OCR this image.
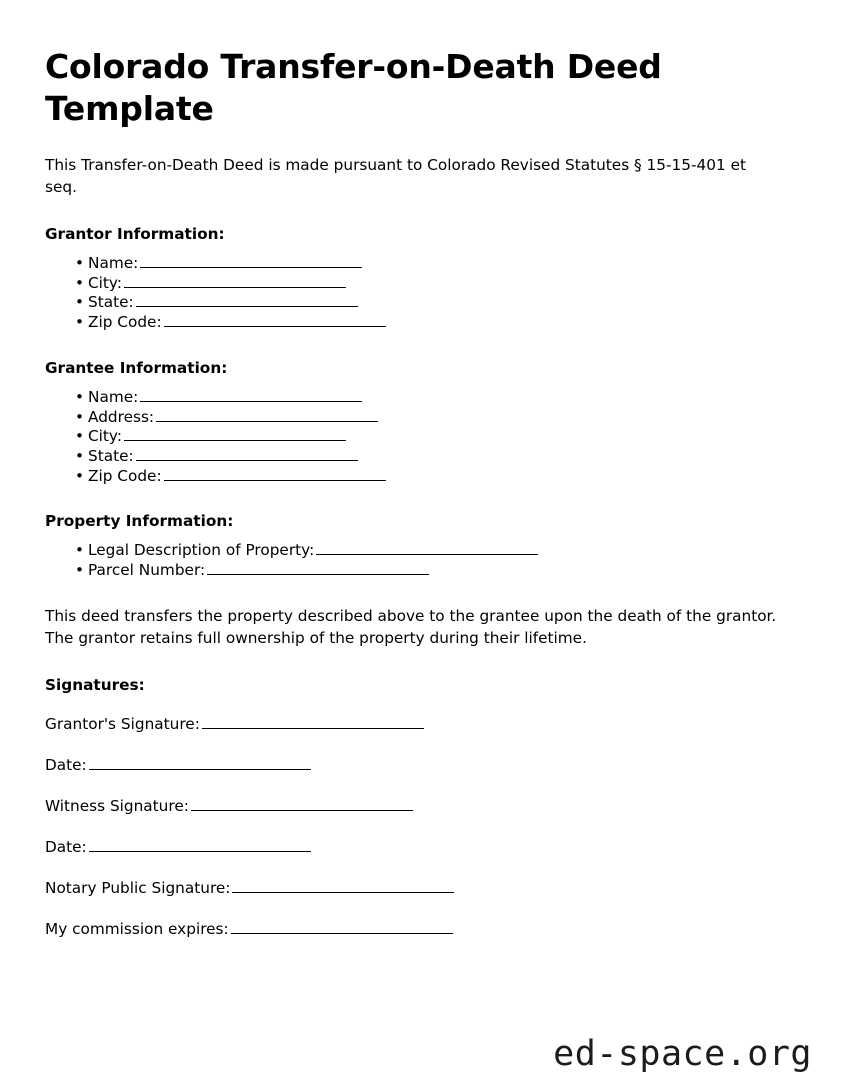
Colorado Transfer-on-Death Deed Template

This Transfer-on-Death Deed is made pursuant to Colorado Revised Statutes § 15-15-401 et seq.

Grantor Information:
• Name:
• City:
• State:
• Zip Code:
Grantee Information:
• Name:
• Address:
• City:
• State:
• Zip Code:
Property Information:
• Legal Description of Property:
• Parcel Number:

This deed transfers the property described above to the grantee upon the death of the grantor. The grantor retains full ownership of the property during their lifetime.

Signatures:
Grantor's Signature:
Date:
Witness Signature:
Date:
Notary Public Signature:
My commission expires:
ed-space.org
